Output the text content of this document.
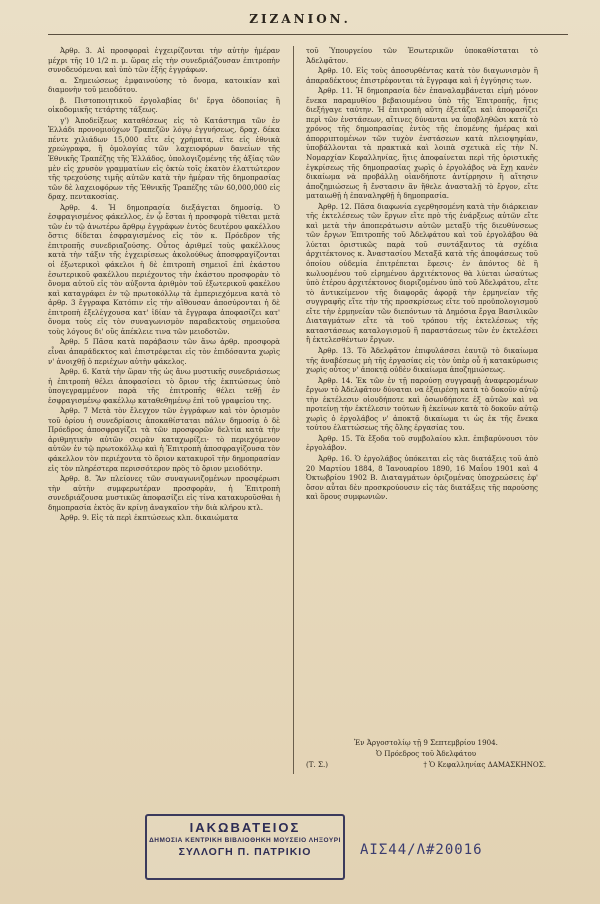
ΖΙΖΑΝΙΟΝ.

Ἀρθρ. 3. Αἱ προσφοραὶ ἐγχειρίζονται τὴν αὐτὴν ἡμέραν μέχρι τῆς 10 1/2 π. μ. ὥρας εἰς τὴν συνεδριάζουσαν ἐπιτροπὴν συνοδευόμεναι καὶ ὑπὸ τῶν ἑξῆς ἐγγράφων.

α. Σημειώσεως ἐμφαινούσης τὸ ὄνομα, κατοικίαν καὶ διαμονὴν τοῦ μειοδότου.

β. Πιστοποιητικοῦ ἐργολαβίας δι' ἔργα ὁδοποιίας ἢ οἰκοδομικῆς τετάρτης τάξεως.

γ') Ἀποδείξεως καταθέσεως εἰς τὸ Κατάστημα τῶν ἐν Ἑλλάδι προνομιούχων Τραπεζῶν λόγῳ ἐγγυήσεως, δραχ. δέκα πέντε χιλιάδων 15,000 εἴτε εἰς χρήματα, εἴτε εἰς ἐθνικὰ χρεώγραφα, ἢ ὁμολογίας τῶν λαχειοφόρων δανείων τῆς Ἐθνικῆς Τραπέζης τῆς Ἑλλάδος, ὑπολογιζομένης τῆς ἀξίας τῶν μὲν εἰς χρυσὸν γραμματίων εἰς ὀκτὼ τοῖς ἑκατὸν ἐλαττώτερον τῆς τρεχούσης τιμῆς αὐτῶν κατὰ τὴν ἡμέραν τῆς δημοπρασίας τῶν δὲ λαχειοφόρων τῆς Ἐθνικῆς Τραπέζης τῶν 60,000,000 εἰς δραχ. πεντακοσίας.

Ἀρθρ. 4. Ἡ δημοπρασία διεξάγεται δημοσίᾳ. Ὁ ἐσφραγισμένος φάκελλος, ἐν ᾧ ἔσται ἡ προσφορὰ τίθεται μετὰ τῶν ἐν τῷ ἀνωτέρω ἄρθρῳ ἐγγράφων ἐντὸς δευτέρου φακέλλου ὅστις δίδεται ἐσφραγισμένος εἰς τὸν κ. Πρόεδρον τῆς ἐπιτροπῆς συνεδριαζούσης. Οὗτος ἀριθμεῖ τοὺς φακέλλους κατὰ τὴν τάξιν τῆς ἐγχειρίσεως ἀκολούθως ἀποσφραγίζονται οἱ ἐξωτερικοὶ φάκελοι ἡ δὲ ἐπιτροπὴ σημειοῖ ἐπὶ ἑκάστου ἐσωτερικοῦ φακέλλου περιέχοντος τὴν ἑκάστου προσφορὰν τὸ ὄνομα αὐτοῦ εἰς τὸν αὐξοντα ἀριθμὸν τοῦ ἐξωτερικοῦ φακέλου καὶ καταγράφει ἐν τῷ πρωτοκόλλῳ τὰ ἐμπεριεχόμενα κατὰ τὸ ἀρθρ. 3 ἔγγραφα Κατόπιν εἰς τὴν αἴθουσαν ἀποσύρονται ἡ δὲ ἐπιτροπὴ ἐξελέγχουσα κατ' ἰδίαν τὰ ἔγγραφα ἀποφασίζει κατ' ὄνομα τοὺς εἰς τὸν συναγωνισμὸν παραδεκτοὺς σημειοῦσα τοὺς λόγους δι' οὓς ἀπέκλειε τινα τῶν μειοδοτῶν.

Ἀρθρ. 5 Πᾶσα κατὰ παράβασιν τῶν ἄνω ἀρθρ. προσφορὰ εἶναι ἀπαράδεκτος καὶ ἐπιστρέφεται εἰς τὸν ἐπιδόσαντα χωρὶς ν' ἀνοιχθῇ ὁ περιέχων αὐτὴν φάκελος.

Ἀρθρ. 6. Κατὰ τὴν ὥραν τῆς ὡς ἄνω μυστικῆς συνεδριάσεως ἡ ἐπιτροπὴ θέλει ἀποφασίσει τὸ ὅριον τῆς ἐκπτώσεως ὑπὸ ὑπογεγραμμένον παρὰ τῆς ἐπιτροπῆς θέλει τεθῇ ἐν ἐσφραγισμένῳ φακέλλῳ καταθεθημένῳ ἐπὶ τοῦ γραφείου της.

Ἀρθρ. 7 Μετὰ τὸν ἔλεγχον τῶν ἐγγράφων καὶ τὸν ὁρισμὸν τοῦ ὁρίου ἡ συνεδρίασις ἀποκαθίσταται πάλιν δημοσίᾳ ὁ δὲ Πρόεδρος ἀποσφραγίζει τὰ τῶν προσφορῶν δελτία κατὰ τὴν ἀριθμητικὴν αὐτῶν σειρὰν καταχωρίζει· τὸ περιεχόμενον αὐτῶν ἐν τῷ πρωτοκόλλῳ καὶ ἡ Ἐπιτροπὴ ἀποσφραγίζουσα τὸν φάκελλον τὸν περιέχοντα τὸ ὅριον κατακυροῖ τὴν δημοπρασίαν εἰς τὸν πληρέστερα περισσότερον πρὸς τὸ ὅριον μειοδότην.

Ἀρθρ. 8. Ἂν πλείονες τῶν συναγωνιζομένων προσφέρωσι τὴν αὐτὴν συμφερωτέραν προσφορὰν, ἡ Ἐπιτροπὴ συνεδριάζουσα μυστικῶς ἀποφασίζει εἰς τίνα κατακυροῦσθαι ἡ δημοπρασία ἐκτὸς ἂν κρίνῃ ἀναγκαῖον τὴν διὰ κλήρου κτλ.

Ἀρθρ. 9. Εἰς τὰ περὶ ἐκπτώσεως κλπ. δικαιώματα

τοῦ Ὑπουργείου τῶν Ἐσωτερικῶν ὑποκαθίσταται τὸ Ἀδελφᾶτον.

Ἀρθρ. 10. Εἰς τοὺς ἀποσυρθέντας κατὰ τὸν διαγωνισμὸν ἢ ἀπαραδέκτους ἐπιστρέφονται τὰ ἔγγραφα καὶ ἡ ἐγγύησις των.

Ἀρθρ. 11. Ἡ δημοπρασία δὲν ἐπαναλαμβάνεται εἰμὴ μόνον ἕνεκα παραμυθίου βεβαιουμένου ὑπὸ τῆς Ἐπιτροπῆς, ἥτις διεξήγαγε ταύτην. Ἡ ἐπιτροπὴ αὕτη ἐξετάζει καὶ ἀποφασίζει περὶ τῶν ἐνστάσεων, αἵτινες δύνανται να ὑποβληθῶσι κατὰ τὸ χρόνος τῆς δημοπρασίας ἐντὸς τῆς ἑπομένης ἡμέρας καὶ ἀπορριπτομένων τῶν τυχὸν ἐνστάσεων κατὰ πλειοψηφίαν, ὑποβάλλονται τὰ πρακτικὰ καὶ λοιπὰ σχετικὰ εἰς τὴν Ν. Νομαρχίαν Κεφαλληνίας, ἥτις ἀποφαίνεται περὶ τῆς ὁριστικῆς ἐγκρίσεως τῆς δημοπρασίας χωρὶς ὁ ἐργολάβος νὰ ἔχῃ κανὲν δικαίωμα νὰ προβάλλῃ οἱανδήποτε ἀντίρρησιν ἢ αἴτησιν ἀποζημιώσεως ἢ ἔνστασιν ἂν ἤθελε ἀνασταλῇ τὸ ἔργον, εἴτε ματαιωθῇ ἡ ἐπαναληφθῇ ἡ δημοπρασία.

Ἀρθρ. 12. Πᾶσα διαφωνία εγερθησομένη κατὰ τὴν διάρκειαν τῆς ἐκτελέσεως τῶν ἔργων εἴτε πρὸ τῆς ἐνάρξεως αὐτῶν εἴτε καὶ μετὰ τὴν ἀποπεράτωσιν αὐτῶν μεταξὺ τῆς διευθύνσεως τῶν ἔργων Ἐπιτροπῆς τοῦ Ἀδελφάτου καὶ τοῦ ἐργολάβου θὰ λύεται ὁριστικῶς παρὰ τοῦ συντάξαντος τὰ σχέδια ἀρχιτέκτονος κ. Ἀναστασίου Μεταξᾶ κατὰ τῆς ἀποφάσεως τοῦ ὁποίου οὐδεμία ἐπιτρέπεται ἔφεσις· ἐν ἀπόντος δὲ ἢ κωλυομένου τοῦ εἰρημένου ἀρχιτέκτονος θὰ λύεται ὡσαύτως ὑπὸ ἑτέρου ἀρχιτέκτονος διοριζομένου ὑπὸ τοῦ Ἀδελφάτου, εἴτε τὸ ἀντικείμενον τῆς διαφορᾶς ἀφορᾷ τὴν ἑρμηνείαν τῆς συγγραφῆς εἴτε τὴν τῆς προσκρίσεως εἴτε τοῦ προϋπολογισμοῦ εἴτε τὴν ἑρμηνείαν τῶν διεπόντων τὰ Δημόσια ἔργα Βασιλικῶν Διαταγμάτων εἴτε τὰ τοῦ τρόπου τῆς ἐκτελέσεως τῆς καταστάσεως καταλογισμοῦ ἢ παραστάσεως τῶν ἐν ἐκτελέσει ἢ ἐκτελεσθέντων ἔργων.

Ἀρθρ. 13. Τὸ Ἀδελφᾶτον ἐπιφυλάσσει ἑαυτῷ τὸ δικαίωμα τῆς ἀναβέσεως μὴ τῆς ἐργασίας εἰς τὸν ὑπὲρ οὗ ἡ κατακύρωσις χωρὶς οὗτος ν' ἀποκτᾷ οὐδὲν δικαίωμα ἀποζημιώσεως.

Ἀρθρ. 14. Ἐκ τῶν ἐν τῇ παρούσῃ συγγραφῇ ἀναφερομένων ἔργων τὸ Ἀδελφᾶτον δύναται να ἐξαιρέσῃ κατὰ τὸ δοκοῦν αὐτῷ τὴν ἐκτέλεσιν οἱουδήποτε καὶ ὁσωνδήποτε ἐξ αὐτῶν καὶ να προτείνῃ τὴν ἐκτέλεσιν τούτων ἢ ἑκείνων κατὰ τὸ δοκοῦν αὐτῷ χωρὶς ὁ ἐργολάβος ν' ἀποκτᾷ δικαίωμα τι ὡς ἐκ τῆς ἕνεκα τούτου ἐλαττώσεως τῆς ὅλης ἐργασίας του.

Ἀρθρ. 15. Τὰ ἔξοδα τοῦ συμβολαίου κλπ. ἐπιβαρύνουσι τὸν ἐργολάβον.

Ἀρθρ. 16. Ὁ ἐργολάβος ὑπόκειται εἰς τὰς διατάξεις τοῦ ἀπὸ 20 Μαρτίου 1884, 8 Ἰανουαρίου 1890, 16 Μαΐου 1901 καὶ 4 Ὀκτωβρίου 1902 Β. Διαταγμάτων ὁριζομένας ὑποχρεώσεις ἐφ' ὅσον αὗται δὲν προσκρούουσιν εἰς τὰς διατάξεις τῆς παρούσης καὶ ὅρους συμφωνιῶν.

Ἐν Ἀργοστολίῳ τῇ 9 Σεπτεμβρίου 1904.
Ὁ Πρόεδρος τοῦ Ἀδελφάτου
(Τ. Σ.)	† Ὁ Κεφαλληνίας ΔΑΜΑΣΚΗΝΟΣ.
ΙΑΚΩΒΑΤΕΙΟΣ
ΔΗΜΟΣΙΑ ΚΕΝΤΡΙΚΗ ΒΙΒΛΙΟΘΗΚΗ ΜΟΥΣΕΙΟ ΛΗΞΟΥΡΙ
ΣΥΛΛΟΓΗ Π. ΠΑΤΡΙΚΙΟ	ΑΙΣ44/Λ#20016
